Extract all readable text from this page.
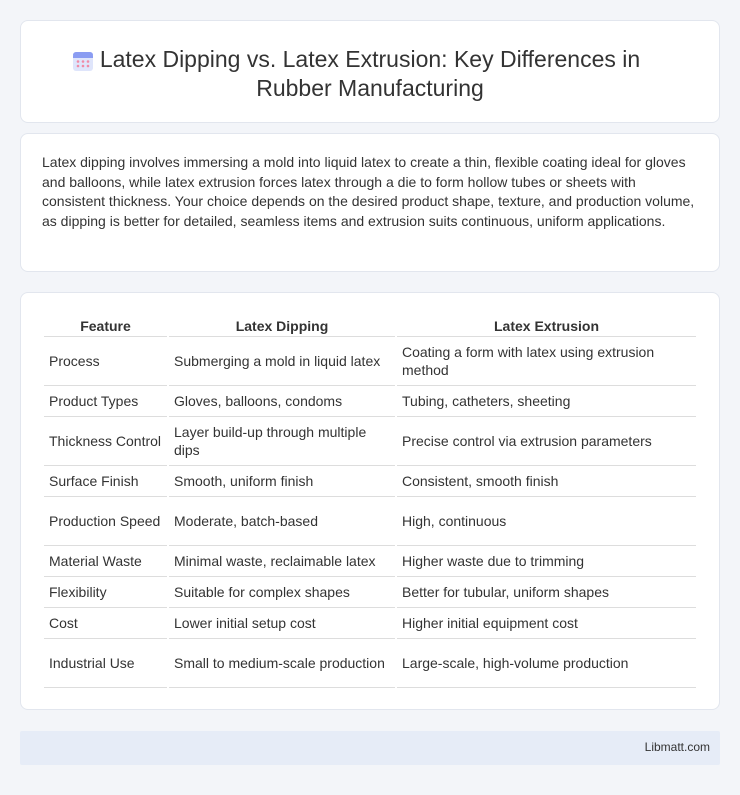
Latex Dipping vs. Latex Extrusion: Key Differences in
Rubber Manufacturing

Latex dipping involves immersing a mold into liquid latex to create a thin, flexible coating ideal for gloves and balloons, while latex extrusion forces latex through a die to form hollow tubes or sheets with consistent thickness. Your choice depends on the desired product shape, texture, and production volume, as dipping is better for detailed, seamless items and extrusion suits continuous, uniform applications.

Feature	Latex Dipping	Latex Extrusion
Process	Submerging a mold in liquid latex	Coating a form with latex using extrusion method
Product Types	Gloves, balloons, condoms	Tubing, catheters, sheeting
Thickness Control	Layer build-up through multiple dips	Precise control via extrusion parameters
Surface Finish	Smooth, uniform finish	Consistent, smooth finish
Production Speed	Moderate, batch-based	High, continuous
Material Waste	Minimal waste, reclaimable latex	Higher waste due to trimming
Flexibility	Suitable for complex shapes	Better for tubular, uniform shapes
Cost	Lower initial setup cost	Higher initial equipment cost
Industrial Use	Small to medium-scale production	Large-scale, high-volume production
Libmatt.com
